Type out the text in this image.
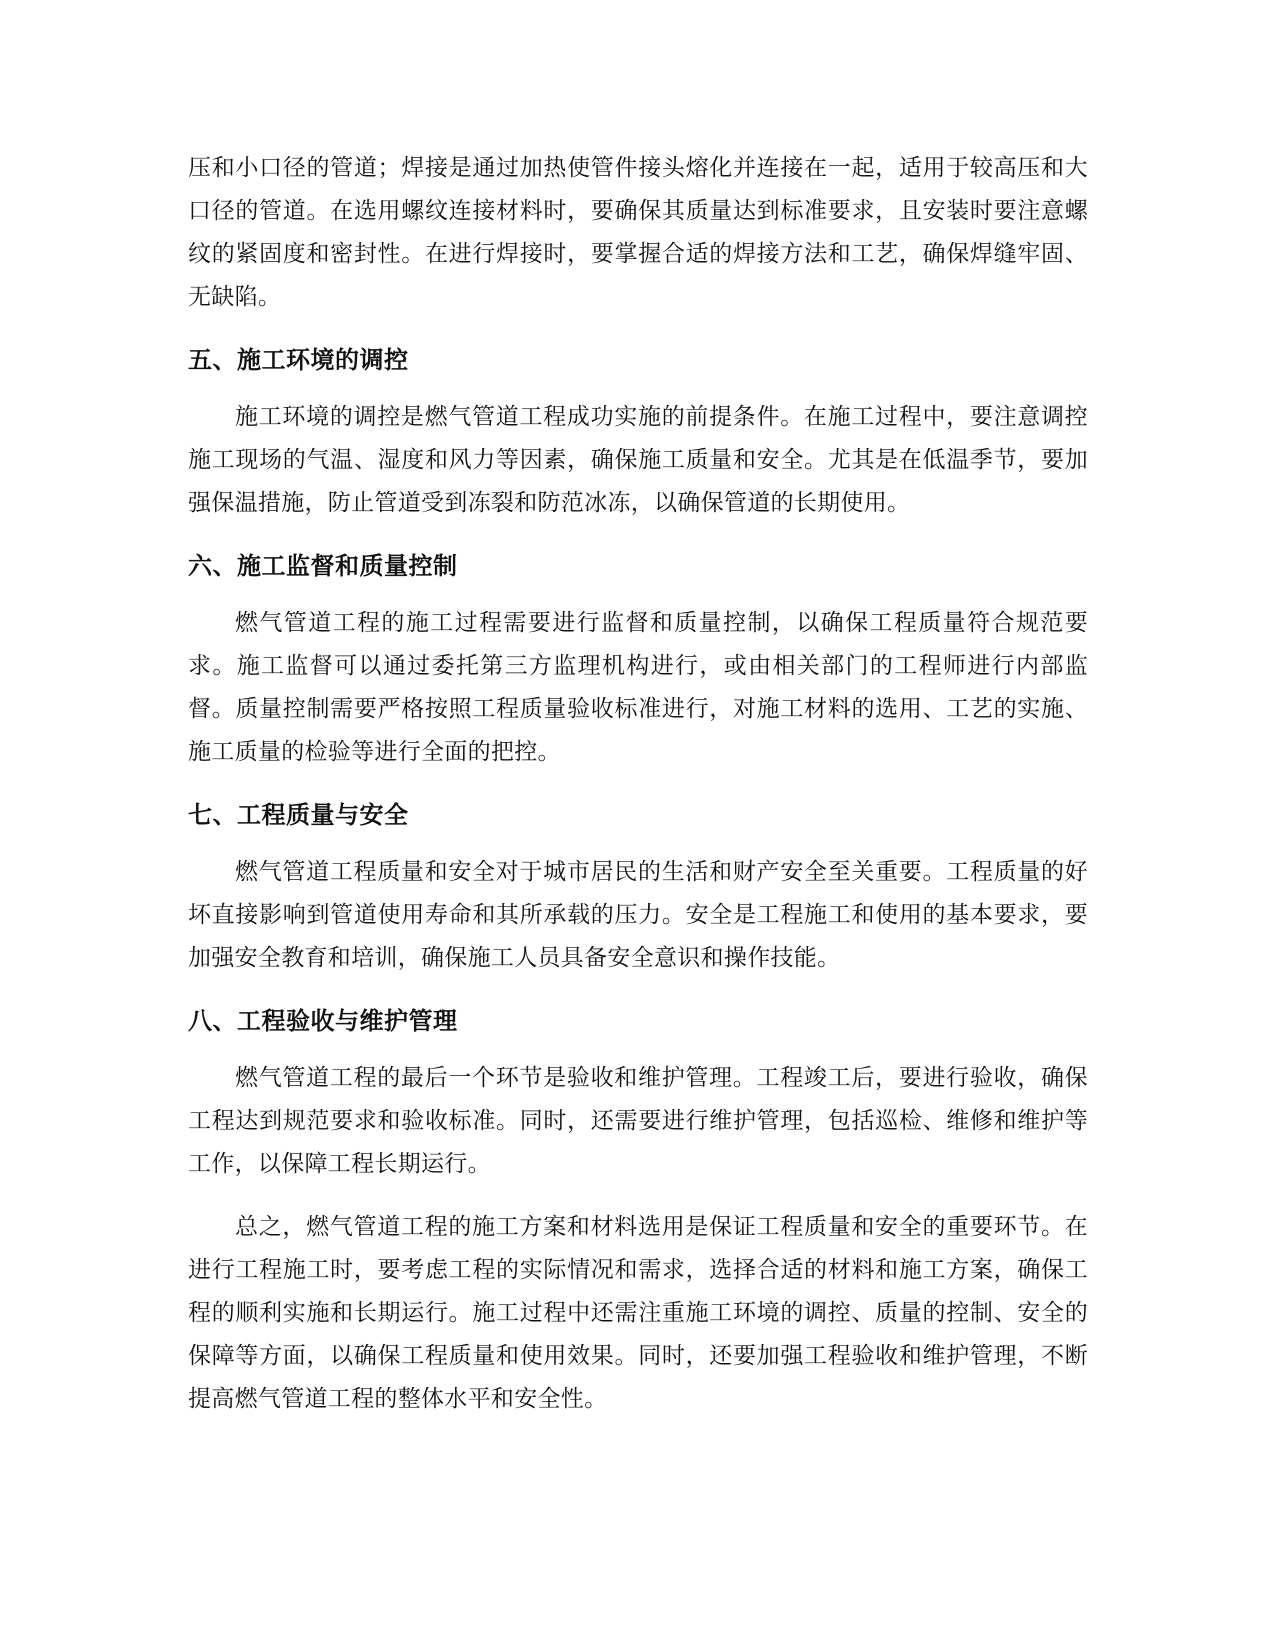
压和小口径的管道；焊接是通过加热使管件接头熔化并连接在一起，适用于较高压和大口径的管道。在选用螺纹连接材料时，要确保其质量达到标准要求，且安装时要注意螺纹的紧固度和密封性。在进行焊接时，要掌握合适的焊接方法和工艺，确保焊缝牢固、无缺陷。

五、施工环境的调控

施工环境的调控是燃气管道工程成功实施的前提条件。在施工过程中，要注意调控施工现场的气温、湿度和风力等因素，确保施工质量和安全。尤其是在低温季节，要加强保温措施，防止管道受到冻裂和防范冰冻，以确保管道的长期使用。

六、施工监督和质量控制

燃气管道工程的施工过程需要进行监督和质量控制，以确保工程质量符合规范要求。施工监督可以通过委托第三方监理机构进行，或由相关部门的工程师进行内部监督。质量控制需要严格按照工程质量验收标准进行，对施工材料的选用、工艺的实施、施工质量的检验等进行全面的把控。

七、工程质量与安全

燃气管道工程质量和安全对于城市居民的生活和财产安全至关重要。工程质量的好坏直接影响到管道使用寿命和其所承载的压力。安全是工程施工和使用的基本要求，要加强安全教育和培训，确保施工人员具备安全意识和操作技能。

八、工程验收与维护管理

燃气管道工程的最后一个环节是验收和维护管理。工程竣工后，要进行验收，确保工程达到规范要求和验收标准。同时，还需要进行维护管理，包括巡检、维修和维护等工作，以保障工程长期运行。

总之，燃气管道工程的施工方案和材料选用是保证工程质量和安全的重要环节。在进行工程施工时，要考虑工程的实际情况和需求，选择合适的材料和施工方案，确保工程的顺利实施和长期运行。施工过程中还需注重施工环境的调控、质量的控制、安全的保障等方面，以确保工程质量和使用效果。同时，还要加强工程验收和维护管理，不断提高燃气管道工程的整体水平和安全性。
